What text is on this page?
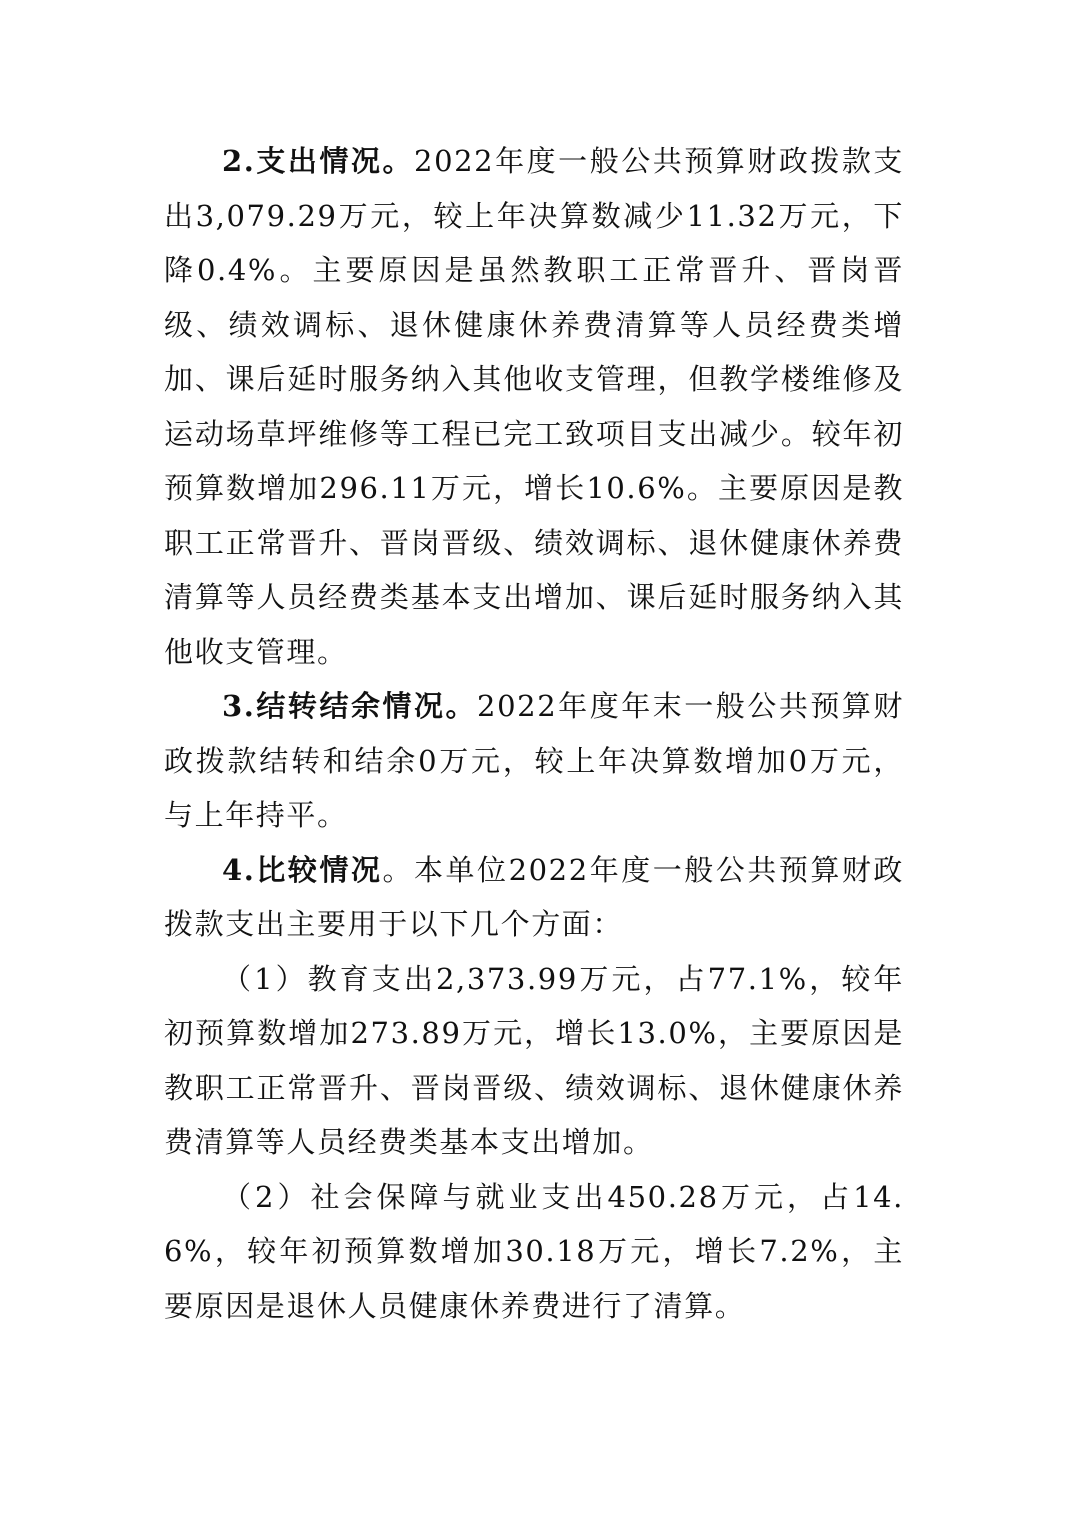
2.支出情况。2022年度一般公共预算财政拨款支出3,079.29万元，较上年决算数减少11.32万元，下降0.4%。主要原因是虽然教职工正常晋升、晋岗晋级、绩效调标、退休健康休养费清算等人员经费类增加、课后延时服务纳入其他收支管理，但教学楼维修及运动场草坪维修等工程已完工致项目支出减少。较年初预算数增加296.11万元，增长10.6%。主要原因是教职工正常晋升、晋岗晋级、绩效调标、退休健康休养费清算等人员经费类基本支出增加、课后延时服务纳入其他收支管理。

3.结转结余情况。2022年度年末一般公共预算财政拨款结转和结余0万元，较上年决算数增加0万元，与上年持平。

4.比较情况。本单位2022年度一般公共预算财政拨款支出主要用于以下几个方面：

（1）教育支出2,373.99万元，占77.1%，较年初预算数增加273.89万元，增长13.0%，主要原因是教职工正常晋升、晋岗晋级、绩效调标、退休健康休养费清算等人员经费类基本支出增加。

（2）社会保障与就业支出450.28万元，占14.6%，较年初预算数增加30.18万元，增长7.2%，主要原因是退休人员健康休养费进行了清算。
